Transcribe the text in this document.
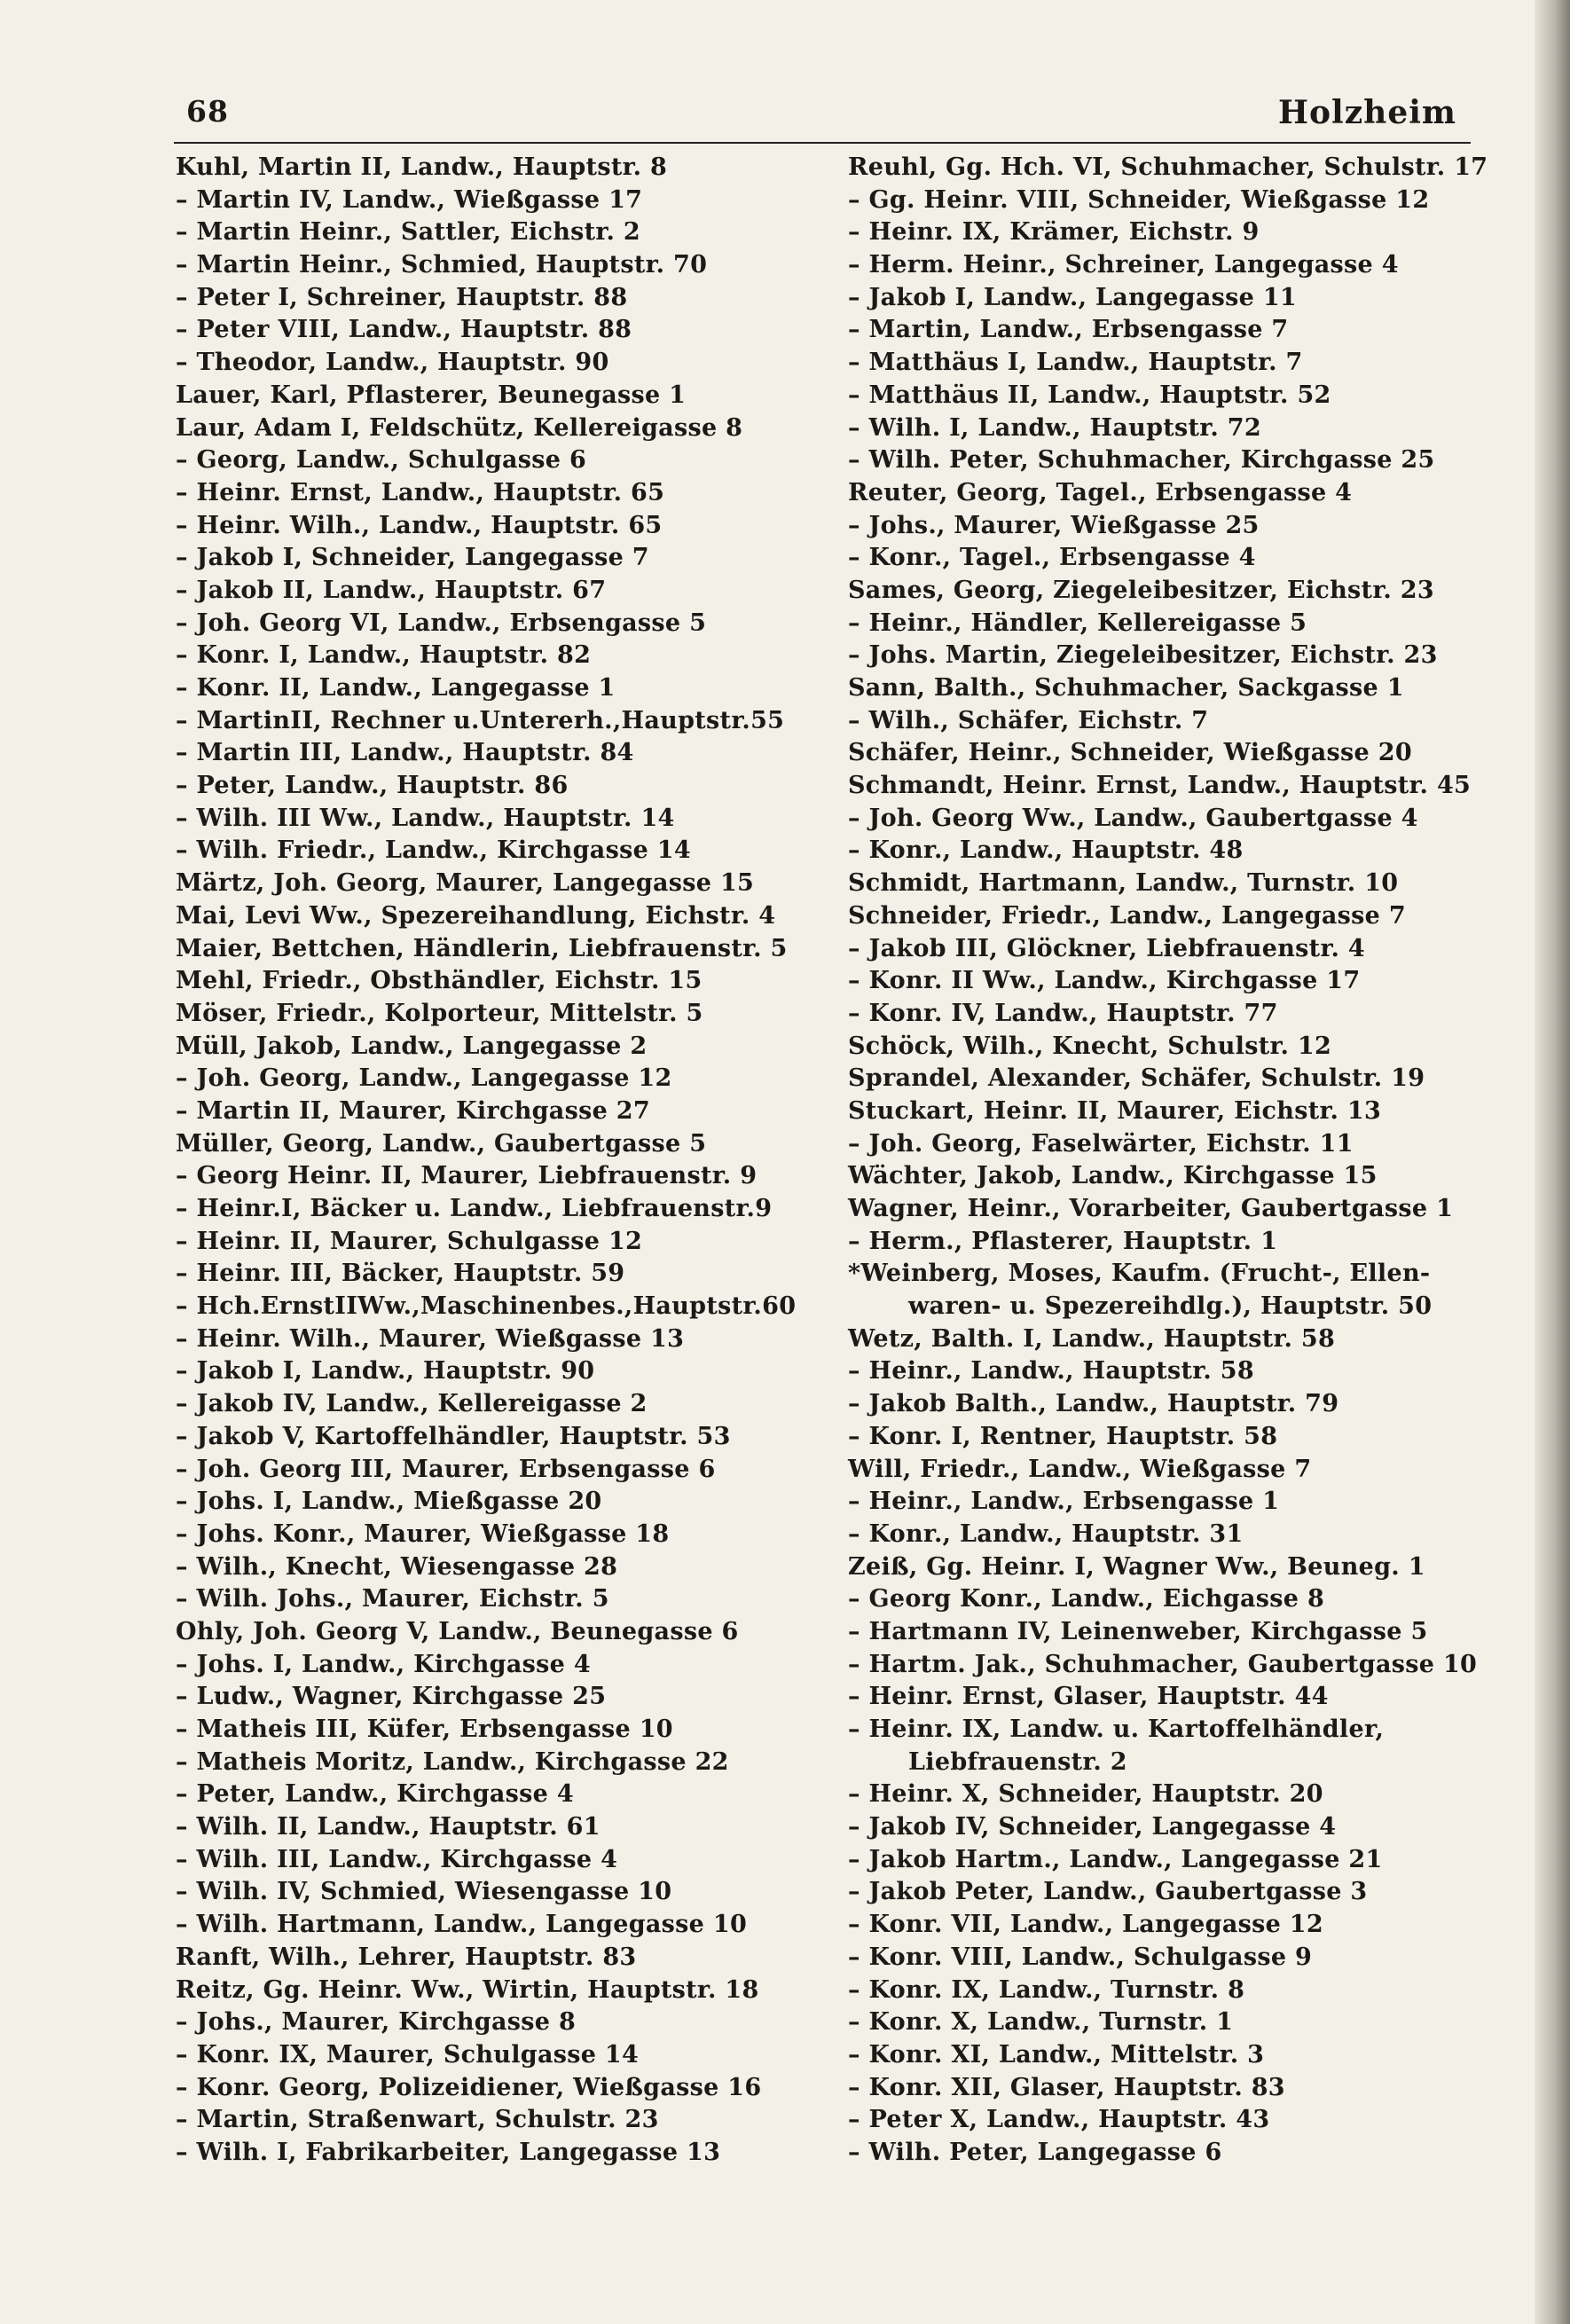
68	Holzheim
Kuhl, Martin II, Landw., Hauptstr. 8
– Martin IV, Landw., Wießgasse 17
– Martin Heinr., Sattler, Eichstr. 2
– Martin Heinr., Schmied, Hauptstr. 70
– Peter I, Schreiner, Hauptstr. 88
– Peter VIII, Landw., Hauptstr. 88
– Theodor, Landw., Hauptstr. 90
Lauer, Karl, Pflasterer, Beunegasse 1
Laur, Adam I, Feldschütz, Kellereigasse 8
– Georg, Landw., Schulgasse 6
– Heinr. Ernst, Landw., Hauptstr. 65
– Heinr. Wilh., Landw., Hauptstr. 65
– Jakob I, Schneider, Langegasse 7
– Jakob II, Landw., Hauptstr. 67
– Joh. Georg VI, Landw., Erbsengasse 5
– Konr. I, Landw., Hauptstr. 82
– Konr. II, Landw., Langegasse 1
– MartinII, Rechner u.Untererh.,Hauptstr.55
– Martin III, Landw., Hauptstr. 84
– Peter, Landw., Hauptstr. 86
– Wilh. III Ww., Landw., Hauptstr. 14
– Wilh. Friedr., Landw., Kirchgasse 14
Märtz, Joh. Georg, Maurer, Langegasse 15
Mai, Levi Ww., Spezereihandlung, Eichstr. 4
Maier, Bettchen, Händlerin, Liebfrauenstr. 5
Mehl, Friedr., Obsthändler, Eichstr. 15
Möser, Friedr., Kolporteur, Mittelstr. 5
Müll, Jakob, Landw., Langegasse 2
– Joh. Georg, Landw., Langegasse 12
– Martin II, Maurer, Kirchgasse 27
Müller, Georg, Landw., Gaubertgasse 5
– Georg Heinr. II, Maurer, Liebfrauenstr. 9
– Heinr.I, Bäcker u. Landw., Liebfrauenstr.9
– Heinr. II, Maurer, Schulgasse 12
– Heinr. III, Bäcker, Hauptstr. 59
– Hch.ErnstIIWw.,Maschinenbes.,Hauptstr.60
– Heinr. Wilh., Maurer, Wießgasse 13
– Jakob I, Landw., Hauptstr. 90
– Jakob IV, Landw., Kellereigasse 2
– Jakob V, Kartoffelhändler, Hauptstr. 53
– Joh. Georg III, Maurer, Erbsengasse 6
– Johs. I, Landw., Mießgasse 20
– Johs. Konr., Maurer, Wießgasse 18
– Wilh., Knecht, Wiesengasse 28
– Wilh. Johs., Maurer, Eichstr. 5
Ohly, Joh. Georg V, Landw., Beunegasse 6
– Johs. I, Landw., Kirchgasse 4
– Ludw., Wagner, Kirchgasse 25
– Matheis III, Küfer, Erbsengasse 10
– Matheis Moritz, Landw., Kirchgasse 22
– Peter, Landw., Kirchgasse 4
– Wilh. II, Landw., Hauptstr. 61
– Wilh. III, Landw., Kirchgasse 4
– Wilh. IV, Schmied, Wiesengasse 10
– Wilh. Hartmann, Landw., Langegasse 10
Ranft, Wilh., Lehrer, Hauptstr. 83
Reitz, Gg. Heinr. Ww., Wirtin, Hauptstr. 18
– Johs., Maurer, Kirchgasse 8
– Konr. IX, Maurer, Schulgasse 14
– Konr. Georg, Polizeidiener, Wießgasse 16
– Martin, Straßenwart, Schulstr. 23
– Wilh. I, Fabrikarbeiter, Langegasse 13
Reuhl, Gg. Hch. VI, Schuhmacher, Schulstr. 17
– Gg. Heinr. VIII, Schneider, Wießgasse 12
– Heinr. IX, Krämer, Eichstr. 9
– Herm. Heinr., Schreiner, Langegasse 4
– Jakob I, Landw., Langegasse 11
– Martin, Landw., Erbsengasse 7
– Matthäus I, Landw., Hauptstr. 7
– Matthäus II, Landw., Hauptstr. 52
– Wilh. I, Landw., Hauptstr. 72
– Wilh. Peter, Schuhmacher, Kirchgasse 25
Reuter, Georg, Tagel., Erbsengasse 4
– Johs., Maurer, Wießgasse 25
– Konr., Tagel., Erbsengasse 4
Sames, Georg, Ziegeleibesitzer, Eichstr. 23
– Heinr., Händler, Kellereigasse 5
– Johs. Martin, Ziegeleibesitzer, Eichstr. 23
Sann, Balth., Schuhmacher, Sackgasse 1
– Wilh., Schäfer, Eichstr. 7
Schäfer, Heinr., Schneider, Wießgasse 20
Schmandt, Heinr. Ernst, Landw., Hauptstr. 45
– Joh. Georg Ww., Landw., Gaubertgasse 4
– Konr., Landw., Hauptstr. 48
Schmidt, Hartmann, Landw., Turnstr. 10
Schneider, Friedr., Landw., Langegasse 7
– Jakob III, Glöckner, Liebfrauenstr. 4
– Konr. II Ww., Landw., Kirchgasse 17
– Konr. IV, Landw., Hauptstr. 77
Schöck, Wilh., Knecht, Schulstr. 12
Sprandel, Alexander, Schäfer, Schulstr. 19
Stuckart, Heinr. II, Maurer, Eichstr. 13
– Joh. Georg, Faselwärter, Eichstr. 11
Wächter, Jakob, Landw., Kirchgasse 15
Wagner, Heinr., Vorarbeiter, Gaubertgasse 1
– Herm., Pflasterer, Hauptstr. 1
*Weinberg, Moses, Kaufm. (Frucht-, Ellen-
waren- u. Spezereihdlg.), Hauptstr. 50
Wetz, Balth. I, Landw., Hauptstr. 58
– Heinr., Landw., Hauptstr. 58
– Jakob Balth., Landw., Hauptstr. 79
– Konr. I, Rentner, Hauptstr. 58
Will, Friedr., Landw., Wießgasse 7
– Heinr., Landw., Erbsengasse 1
– Konr., Landw., Hauptstr. 31
Zeiß, Gg. Heinr. I, Wagner Ww., Beuneg. 1
– Georg Konr., Landw., Eichgasse 8
– Hartmann IV, Leinenweber, Kirchgasse 5
– Hartm. Jak., Schuhmacher, Gaubertgasse 10
– Heinr. Ernst, Glaser, Hauptstr. 44
– Heinr. IX, Landw. u. Kartoffelhändler,
Liebfrauenstr. 2
– Heinr. X, Schneider, Hauptstr. 20
– Jakob IV, Schneider, Langegasse 4
– Jakob Hartm., Landw., Langegasse 21
– Jakob Peter, Landw., Gaubertgasse 3
– Konr. VII, Landw., Langegasse 12
– Konr. VIII, Landw., Schulgasse 9
– Konr. IX, Landw., Turnstr. 8
– Konr. X, Landw., Turnstr. 1
– Konr. XI, Landw., Mittelstr. 3
– Konr. XII, Glaser, Hauptstr. 83
– Peter X, Landw., Hauptstr. 43
– Wilh. Peter, Langegasse 6
